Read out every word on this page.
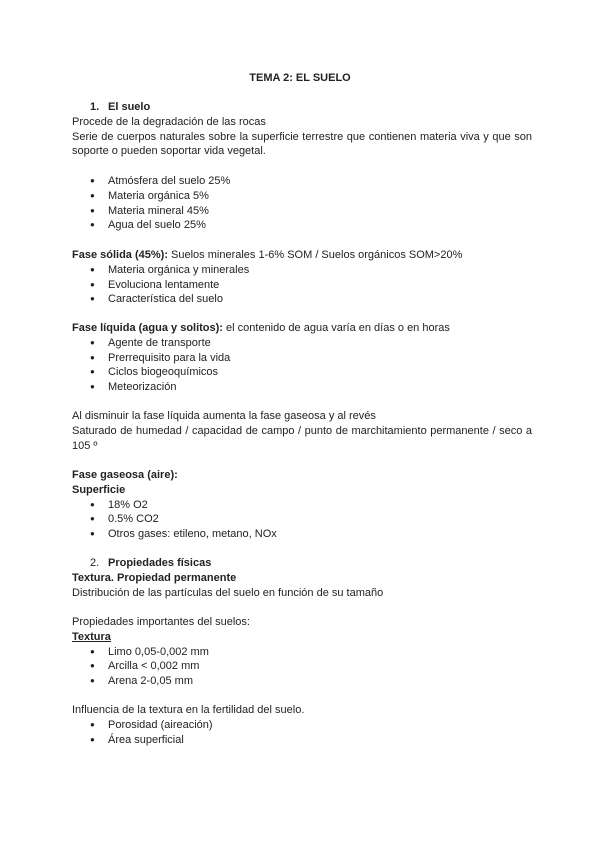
TEMA 2: EL SUELO
1. El suelo
Procede de la degradación de las rocas
Serie de cuerpos naturales sobre la superficie terrestre que contienen materia viva y que son soporte o pueden soportar vida vegetal.
● Atmósfera del suelo 25%
● Materia orgánica 5%
● Materia mineral 45%
● Agua del suelo 25%
Fase sólida (45%): Suelos minerales 1-6% SOM / Suelos orgánicos SOM>20%
● Materia orgánica y minerales
● Evoluciona lentamente
● Característica del suelo
Fase líquida (agua y solitos): el contenido de agua varía en días o en horas
● Agente de transporte
● Prerrequisito para la vida
● Ciclos biogeoquímicos
● Meteorización
Al disminuir la fase líquida aumenta la fase gaseosa y al revés
Saturado de humedad / capacidad de campo / punto de marchitamiento permanente / seco a 105 º
Fase gaseosa (aire):
Superficie
● 18% O2
● 0.5% CO2
● Otros gases: etileno, metano, NOx
2. Propiedades físicas
Textura. Propiedad permanente
Distribución de las partículas del suelo en función de su tamaño
Propiedades importantes del suelos:
Textura
● Limo 0,05-0,002 mm
● Arcilla < 0,002 mm
● Arena 2-0,05 mm
Influencia de la textura en la fertilidad del suelo.
● Porosidad (aireación)
● Área superficial
